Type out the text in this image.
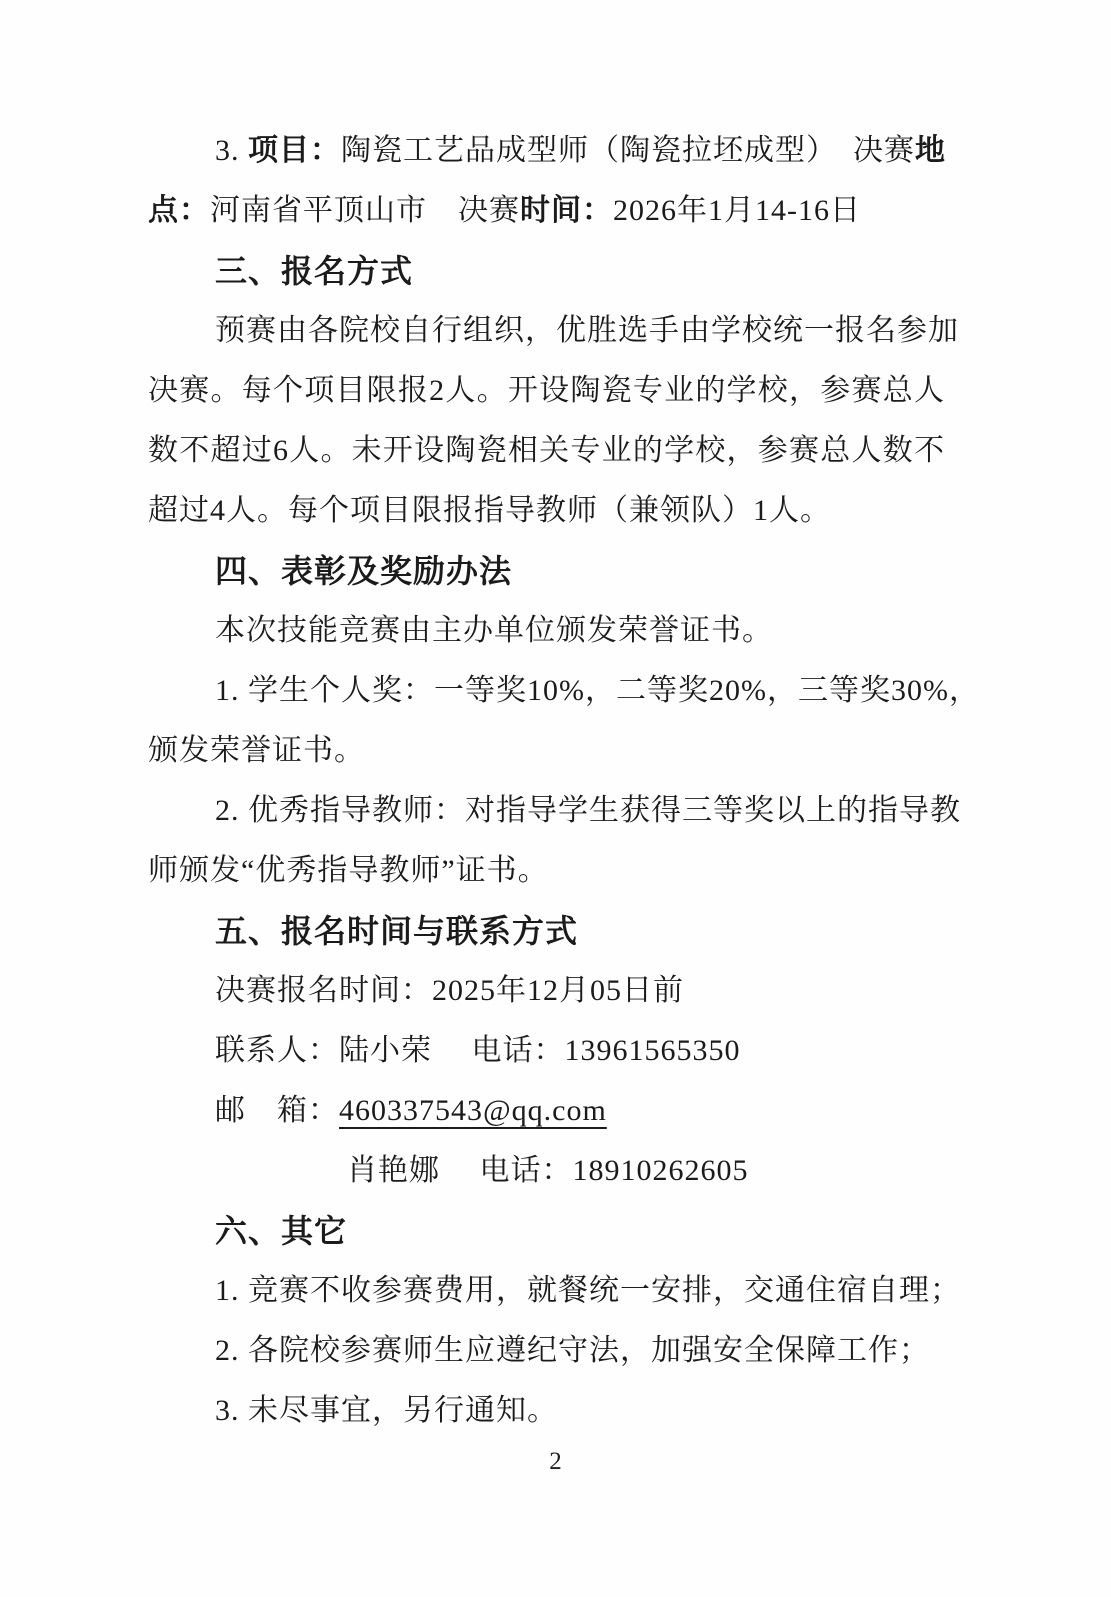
3. 项目：陶瓷工艺品成型师（陶瓷拉坯成型）　决赛地
点：河南省平顶山市　决赛时间：2026年1月14-16日
三、报名方式
预赛由各院校自行组织，优胜选手由学校统一报名参加
决赛。每个项目限报2人。开设陶瓷专业的学校，参赛总人
数不超过6人。未开设陶瓷相关专业的学校，参赛总人数不
超过4人。每个项目限报指导教师（兼领队）1人。
四、表彰及奖励办法
本次技能竞赛由主办单位颁发荣誉证书。
1. 学生个人奖：一等奖10%，二等奖20%，三等奖30%，
颁发荣誉证书。
2. 优秀指导教师：对指导学生获得三等奖以上的指导教
师颁发“优秀指导教师”证书。
五、报名时间与联系方式
决赛报名时间：2025年12月05日前
联系人：陆小荣　 电话：13961565350
邮　箱：460337543@qq.com
肖艳娜　 电话：18910262605
六、其它
1. 竞赛不收参赛费用，就餐统一安排，交通住宿自理；
2. 各院校参赛师生应遵纪守法，加强安全保障工作；
3. 未尽事宜，另行通知。
2
